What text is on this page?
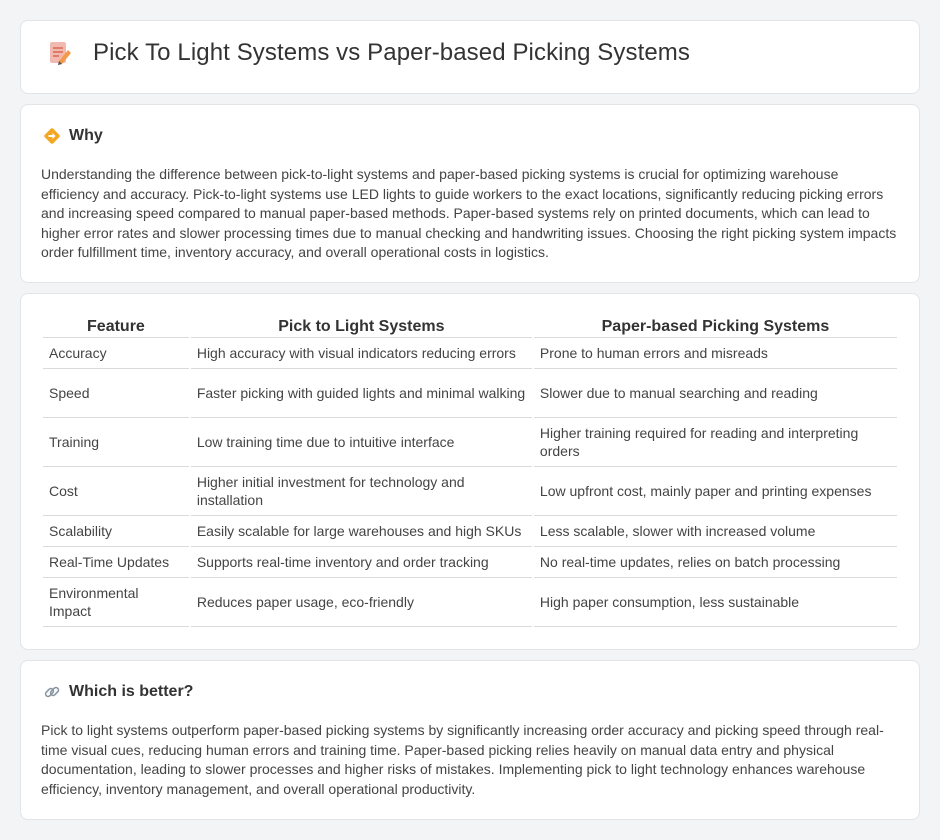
Pick To Light Systems vs Paper-based Picking Systems
Why

Understanding the difference between pick-to-light systems and paper-based picking systems is crucial for optimizing warehouse efficiency and accuracy. Pick-to-light systems use LED lights to guide workers to the exact locations, significantly reducing picking errors and increasing speed compared to manual paper-based methods. Paper-based systems rely on printed documents, which can lead to higher error rates and slower processing times due to manual checking and handwriting issues. Choosing the right picking system impacts order fulfillment time, inventory accuracy, and overall operational costs in logistics.

Feature	Pick to Light Systems	Paper-based Picking Systems
Accuracy	High accuracy with visual indicators reducing errors	Prone to human errors and misreads
Speed	Faster picking with guided lights and minimal walking	Slower due to manual searching and reading
Training	Low training time due to intuitive interface	Higher training required for reading and interpreting orders
Cost	Higher initial investment for technology and installation	Low upfront cost, mainly paper and printing expenses
Scalability	Easily scalable for large warehouses and high SKUs	Less scalable, slower with increased volume
Real-Time Updates	Supports real-time inventory and order tracking	No real-time updates, relies on batch processing
Environmental Impact	Reduces paper usage, eco-friendly	High paper consumption, less sustainable
Which is better?

Pick to light systems outperform paper-based picking systems by significantly increasing order accuracy and picking speed through real-time visual cues, reducing human errors and training time. Paper-based picking relies heavily on manual data entry and physical documentation, leading to slower processes and higher risks of mistakes. Implementing pick to light technology enhances warehouse efficiency, inventory management, and overall operational productivity.
